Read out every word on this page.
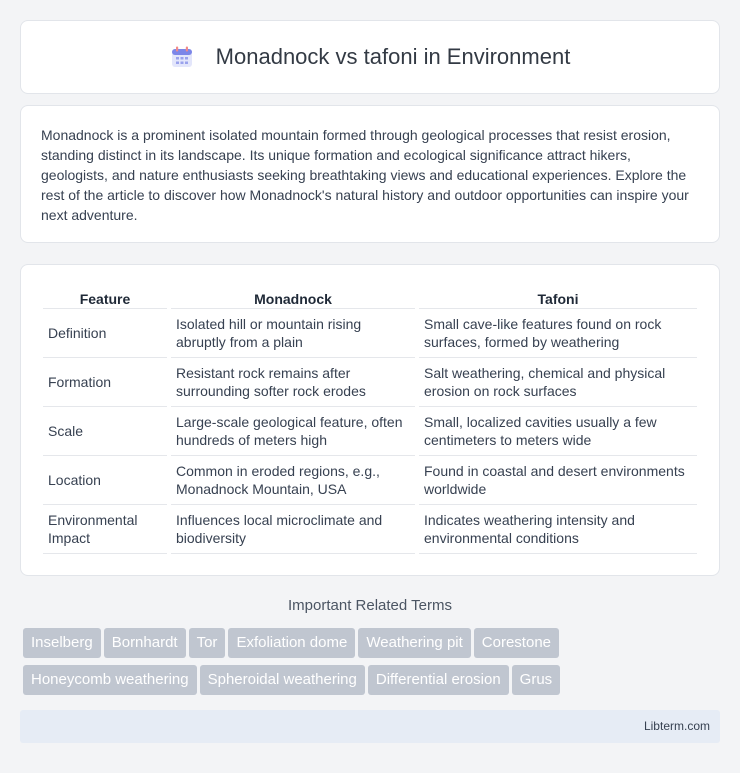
Monadnock vs tafoni in Environment

Monadnock is a prominent isolated mountain formed through geological processes that resist erosion, standing distinct in its landscape. Its unique formation and ecological significance attract hikers, geologists, and nature enthusiasts seeking breathtaking views and educational experiences. Explore the rest of the article to discover how Monadnock's natural history and outdoor opportunities can inspire your next adventure.

Feature	Monadnock	Tafoni
Definition	Isolated hill or mountain rising abruptly from a plain	Small cave-like features found on rock surfaces, formed by weathering
Formation	Resistant rock remains after surrounding softer rock erodes	Salt weathering, chemical and physical erosion on rock surfaces
Scale	Large-scale geological feature, often hundreds of meters high	Small, localized cavities usually a few centimeters to meters wide
Location	Common in eroded regions, e.g., Monadnock Mountain, USA	Found in coastal and desert environments worldwide
Environmental Impact	Influences local microclimate and biodiversity	Indicates weathering intensity and environmental conditions
Important Related Terms
Inselberg Bornhardt Tor Exfoliation dome Weathering pit Corestone
Honeycomb weathering Spheroidal weathering Differential erosion Grus
Libterm.com
